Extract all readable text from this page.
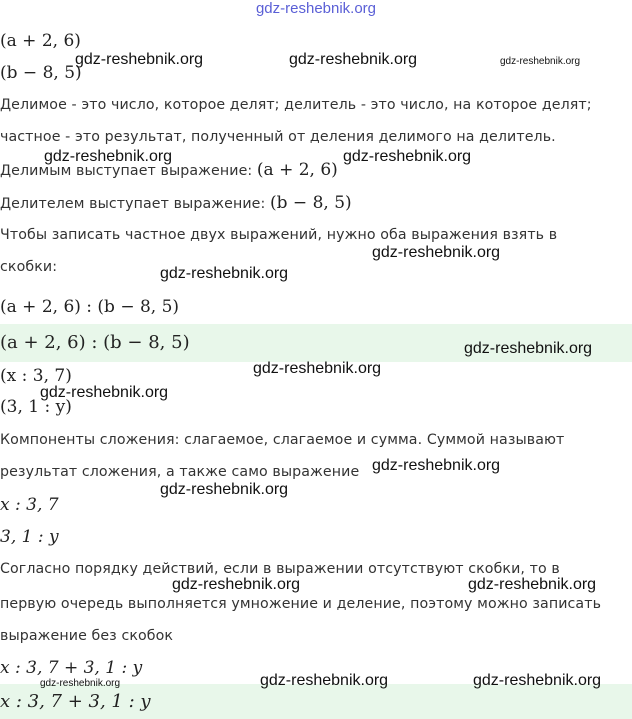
gdz-reshebnik.org
(a + 2, 6)
(b − 8, 5)
Делимое - это число, которое делят; делитель - это число, на которое делят;
частное - это результат, полученный от деления делимого на делитель.
Делимым выступает выражение: (a + 2, 6)
Делителем выступает выражение: (b − 8, 5)
Чтобы записать частное двух выражений, нужно оба выражения взять в
скобки:
(a + 2, 6) : (b − 8, 5)
(a + 2, 6) : (b − 8, 5)
(x : 3, 7)
(3, 1 : y)
Компоненты сложения: слагаемое, слагаемое и сумма. Суммой называют
результат сложения, а также само выражение
x : 3, 7
3, 1 : y
Согласно порядку действий, если в выражении отсутствуют скобки, то в
первую очередь выполняется умножение и деление, поэтому можно записать
выражение без скобок
x : 3, 7 + 3, 1 : y
x : 3, 7 + 3, 1 : y
gdz-reshebnik.org	gdz-reshebnik.org	gdz-reshebnik.org
gdz-reshebnik.org	gdz-reshebnik.org
gdz-reshebnik.org
gdz-reshebnik.org
gdz-reshebnik.org
gdz-reshebnik.org
gdz-reshebnik.org
gdz-reshebnik.org
gdz-reshebnik.org
gdz-reshebnik.org	gdz-reshebnik.org
gdz-reshebnik.org	gdz-reshebnik.org	gdz-reshebnik.org
